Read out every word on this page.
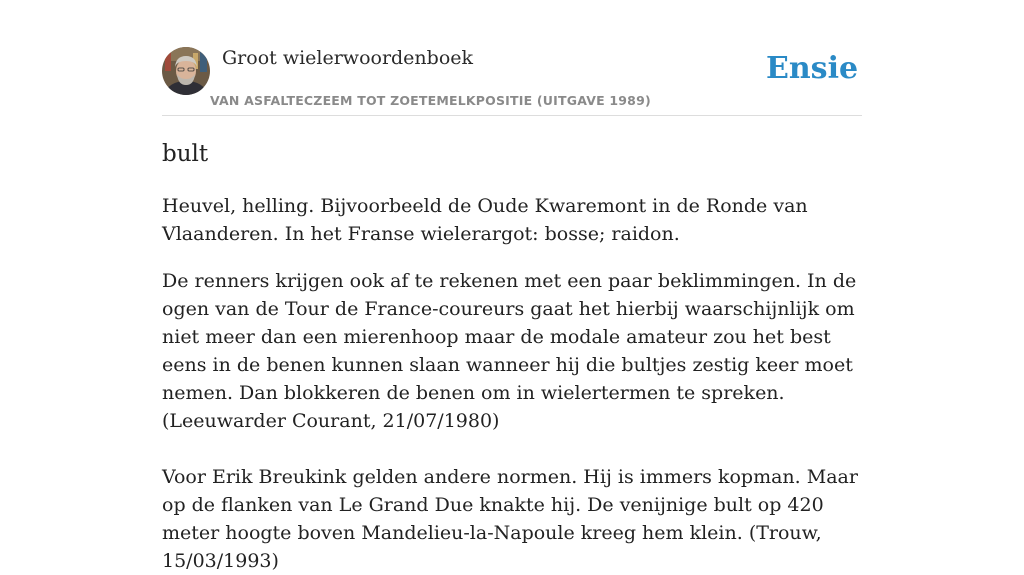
Groot wielerwoordenboek
VAN ASFALTECZEEM TOT ZOETEMELKPOSITIE (UITGAVE 1989)
Ensie
bult

Heuvel, helling. Bijvoorbeeld de Oude Kwaremont in de Ronde van Vlaanderen. In het Franse wielerargot: bosse; raidon.

De renners krijgen ook af te rekenen met een paar beklimmingen. In de ogen van de Tour de France-coureurs gaat het hierbij waarschijnlijk om niet meer dan een mierenhoop maar de modale amateur zou het best eens in de benen kunnen slaan wanneer hij die bultjes zestig keer moet nemen. Dan blokkeren de benen om in wielertermen te spreken. (Leeuwarder Courant, 21/07/1980)
Voor Erik Breukink gelden andere normen. Hij is immers kopman. Maar op de flanken van Le Grand Due knakte hij. De venijnige bult op 420 meter hoogte boven Mandelieu-la-Napoule kreeg hem klein. (Trouw, 15/03/1993)
